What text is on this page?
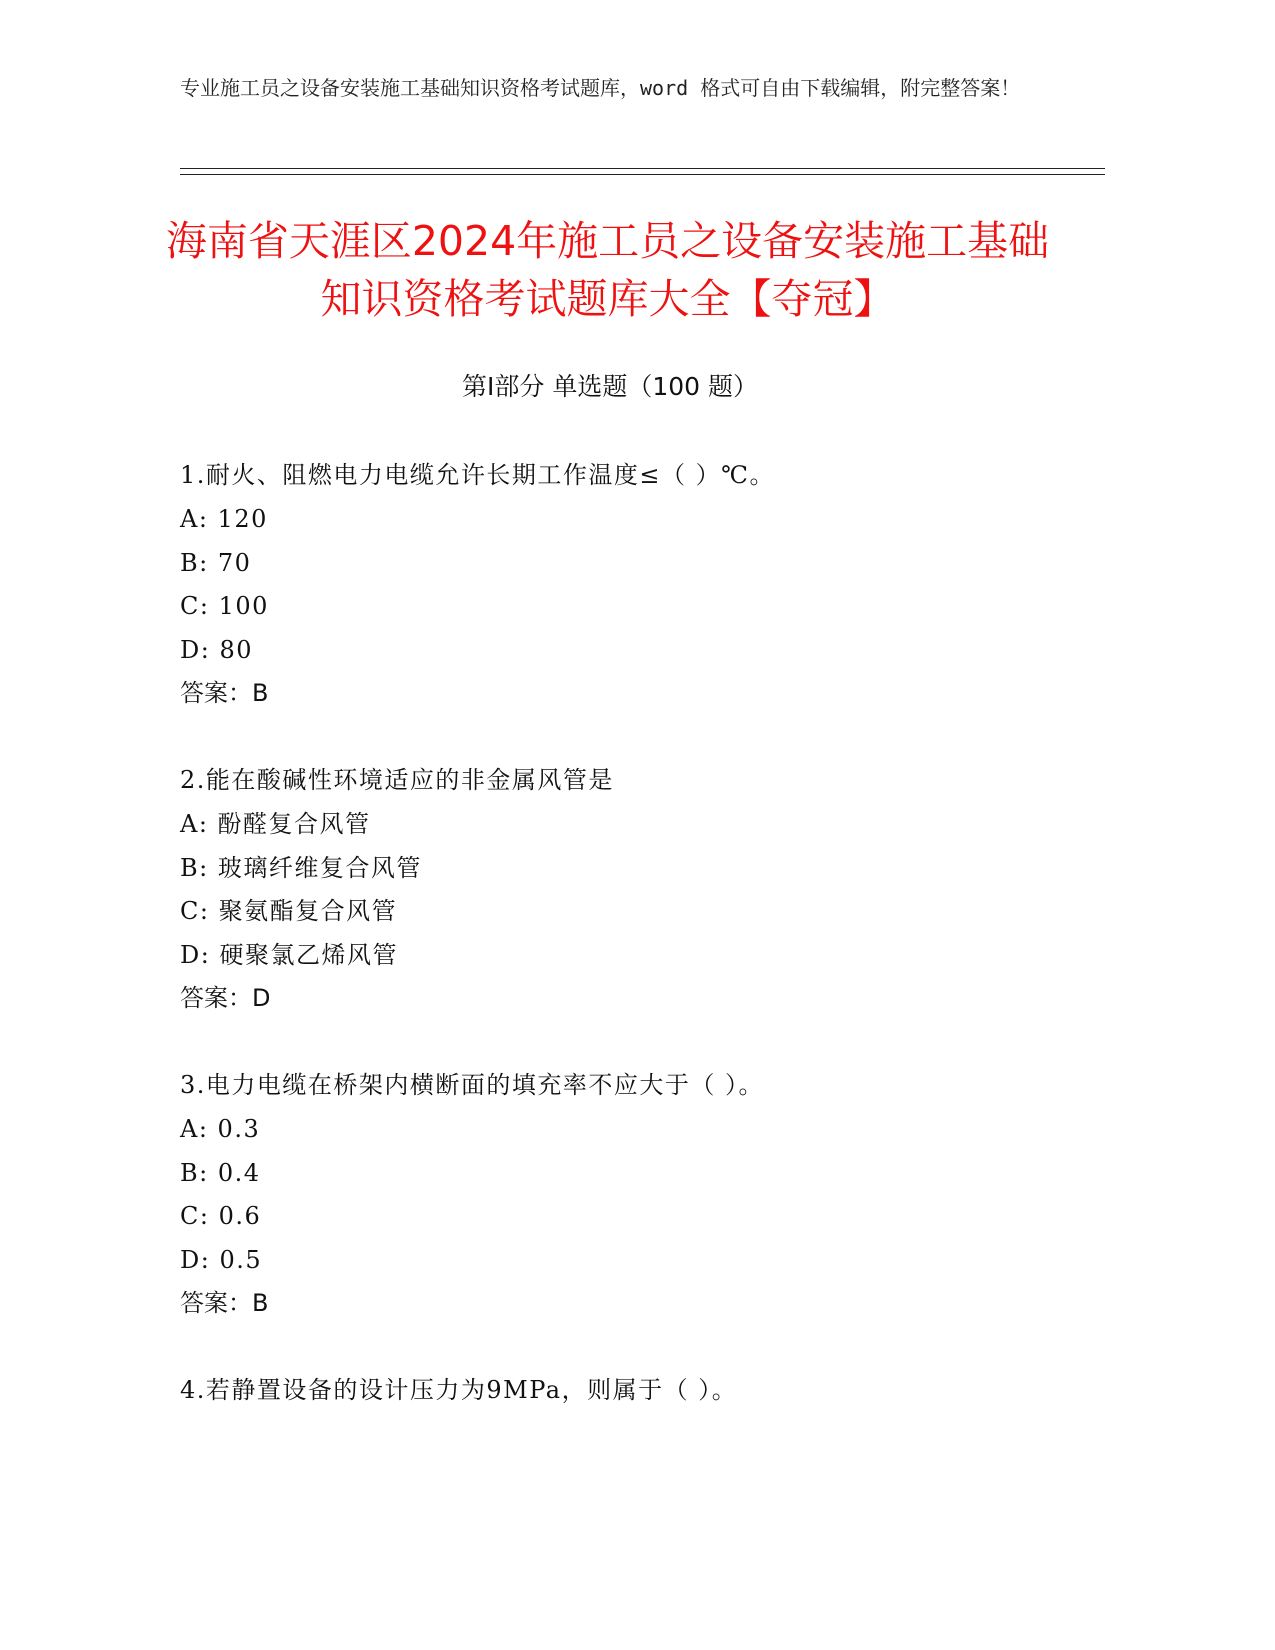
专业施工员之设备安装施工基础知识资格考试题库，word 格式可自由下载编辑，附完整答案！
海南省天涯区2024年施工员之设备安装施工基础知识资格考试题库大全【夺冠】
第Ⅰ部分 单选题（100 题）
1.耐火、阻燃电力电缆允许长期工作温度≤（ ）℃。
A: 120
B: 70
C: 100
D: 80
答案：B
2.能在酸碱性环境适应的非金属风管是
A: 酚醛复合风管
B: 玻璃纤维复合风管
C: 聚氨酯复合风管
D: 硬聚氯乙烯风管
答案：D
3.电力电缆在桥架内横断面的填充率不应大于（ ）。
A: 0.3
B: 0.4
C: 0.6
D: 0.5
答案：B
4.若静置设备的设计压力为9MPa，则属于（ ）。
